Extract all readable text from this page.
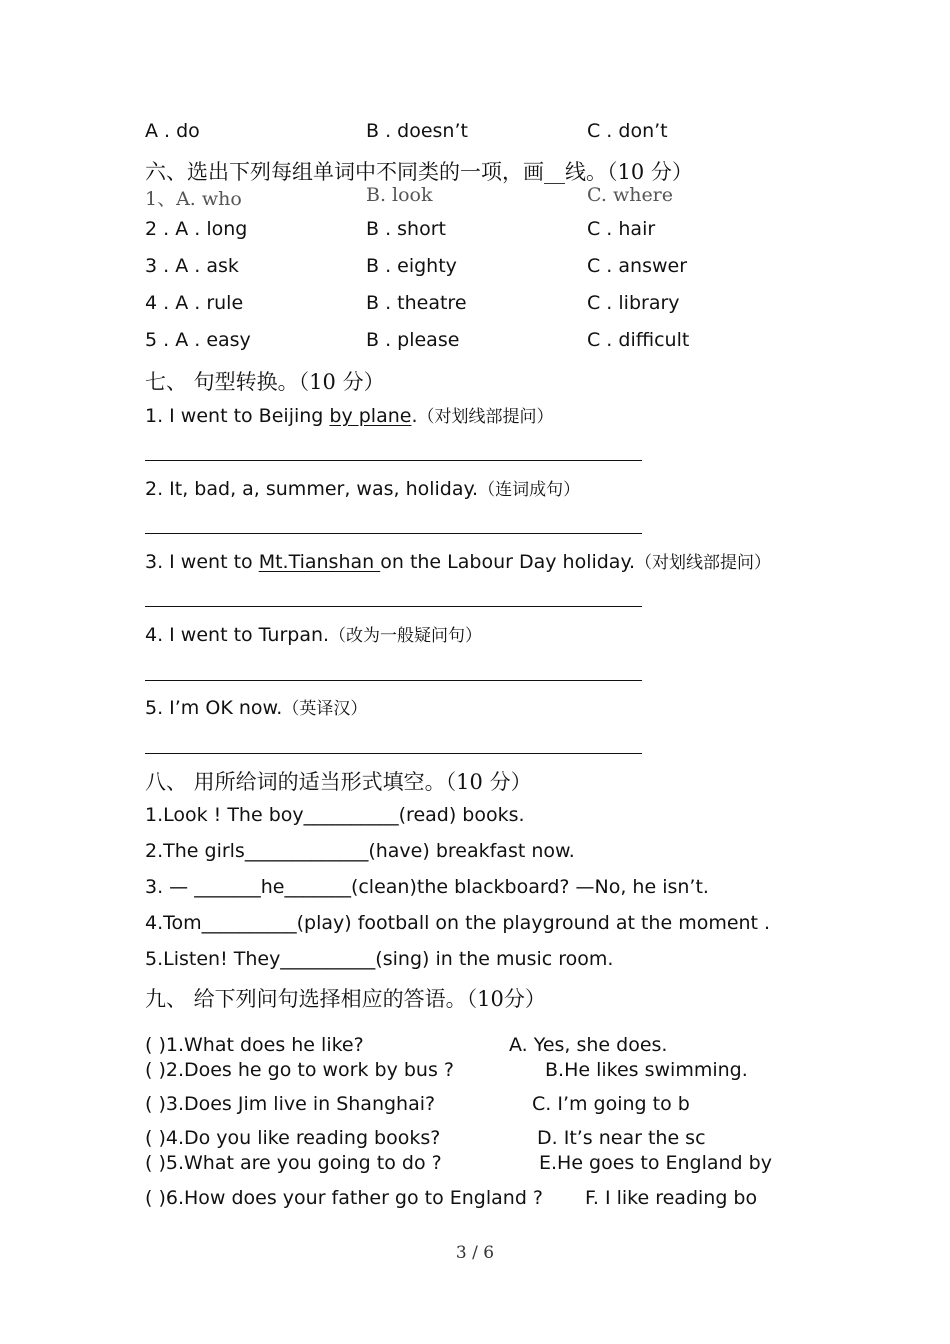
A . do	B . doesn’t	C . don’t
六、选出下列每组单词中不同类的一项，画__线。（10 分）
1、A. who	B. look	C. where
2 . A . long	B . short	C . hair
3 . A . ask	B . eighty	C . answer
4 . A . rule	B . theatre	C . library
5 . A . easy	B . please	C . difficult
七、 句型转换。（10 分）
1. I went to Beijing by plane.（对划线部提问）
2. It, bad, a, summer, was, holiday.（连词成句）
3. I went to Mt.Tianshan on the Labour Day holiday.（对划线部提问）
4. I went to Turpan.（改为一般疑问句）
5. I’m OK now.（英译汉）
八、 用所给词的适当形式填空。（10 分）
1.Look ! The boy__________(read) books.
2.The girls_____________(have) breakfast now.
3. — _______he_______(clean)the blackboard? —No, he isn’t.
4.Tom__________(play) football on the playground at the moment .
5.Listen! They__________(sing) in the music room.
九、 给下列问句选择相应的答语。（10分）
( )1.What does he like?	A. Yes, she does.
( )2.Does he go to work by bus ?	B.He likes swimming.
( )3.Does Jim live in Shanghai?	C. I’m going to b
( )4.Do you like reading books?	D. It’s near the sc
( )5.What are you going to do ?	E.He goes to England by
( )6.How does your father go to England ? F. I like reading bo
3 / 6
